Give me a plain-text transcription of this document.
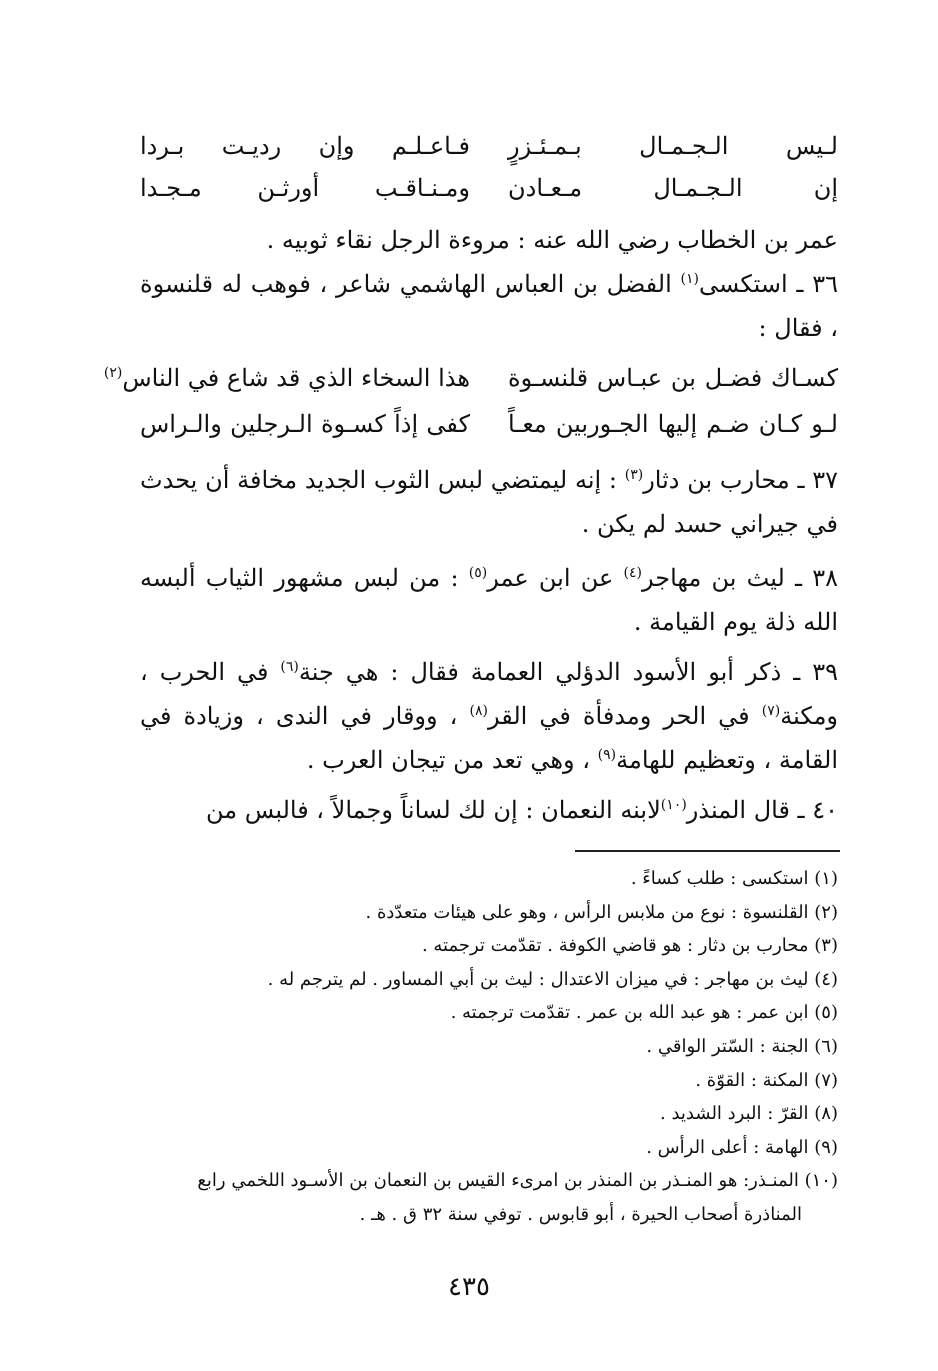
لـيس الـجـمـال بـمـئـزرٍ
فـاعـلـم وإن رديـت بـردا
إن الـجـمـال مـعـادن
ومـنـاقـب أورثـن مـجـدا
عمر بن الخطاب رضي الله عنه : مروءة الرجل نقاء ثوبيه .
٣٦ ـ استكسى$^{(١)}$ الفضل بن العباس الهاشمي شاعر ، فوهب له قلنسوة ، فقال :
كسـاك فضـل بن عبـاس قلنسـوة
هذا السخاء الذي قد شاع في الناس$^{(٢)}$
لـو كـان ضـم إليها الجـوربين معـاً
كفى إذاً كسـوة الـرجلين والـراس
٣٧ ـ محارب بن دثار$^{(٣)}$ : إنه ليمتضي لبس الثوب الجديد مخافة أن يحدث في جيراني حسد لم يكن .
٣٨ ـ ليث بن مهاجر$^{(٤)}$ عن ابن عمر$^{(٥)}$ : من لبس مشهور الثياب ألبسه الله ذلة يوم القيامة .
٣٩ ـ ذكر أبو الأسود الدؤلي العمامة فقال : هي جنة$^{(٦)}$ في الحرب ، ومكنة$^{(٧)}$ في الحر ومدفأة في القر$^{(٨)}$ ، ووقار في الندى ، وزيادة في القامة ، وتعظيم للهامة$^{(٩)}$ ، وهي تعد من تيجان العرب .
٤٠ ـ قال المنذر$^{(١٠)}$لابنه النعمان : إن لك لساناً وجمالاً ، فالبس من
(١) استكسى : طلب كساءً .
(٢) القلنسوة : نوع من ملابس الرأس ، وهو على هيئات متعدّدة .
(٣) محارب بن دثار : هو قاضي الكوفة . تقدّمت ترجمته .
(٤) ليث بن مهاجر : في ميزان الاعتدال : ليث بن أبي المساور . لم يترجم له .
(٥) ابن عمر : هو عبد الله بن عمر . تقدّمت ترجمته .
(٦) الجنة : السّتر الواقي .
(٧) المكنة : القوّة .
(٨) القرّ : البرد الشديد .
(٩) الهامة : أعلى الرأس .
(١٠) المنـذر: هو المنـذر بن المنذر بن امرىء القيس بن النعمان بن الأسـود اللخمي رابع
المناذرة أصحاب الحيرة ، أبو قابوس . توفي سنة ٣٢ ق . هـ .
٤٣٥
